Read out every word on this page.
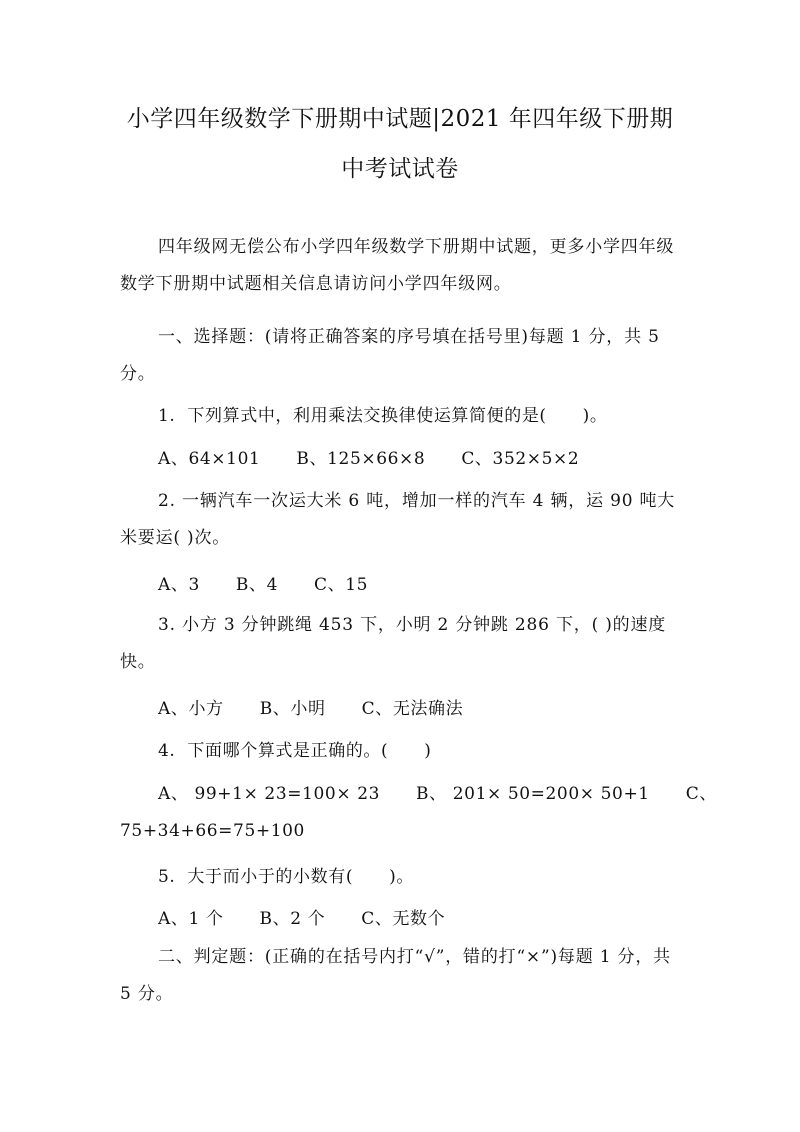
小学四年级数学下册期中试题|2021 年四年级下册期
中考试试卷
四年级网无偿公布小学四年级数学下册期中试题，更多小学四年级数学下册期中试题相关信息请访问小学四年级网。
一、选择题：(请将正确答案的序号填在括号里)每题 1 分，共 5 分。
1.  下列算式中，利用乘法交换律使运算简便的是(      )。
A、64×101      B、125×66×8      C、352×5×2
2. 一辆汽车一次运大米 6 吨，增加一样的汽车 4 辆，运 90 吨大米要运( )次。
A、3      B、4      C、15
3. 小方 3 分钟跳绳 453 下，小明 2 分钟跳 286 下，( )的速度快。
A、小方      B、小明      C、无法确法
4.  下面哪个算式是正确的。(      )
A、 99+1× 23=100× 23      B、 201× 50=200× 50+1      C、
75+34+66=75+100
5.  大于而小于的小数有(      )。
A、1 个      B、2 个      C、无数个
二、判定题：(正确的在括号内打“√”，错的打“×”)每题 1 分，共 5 分。
